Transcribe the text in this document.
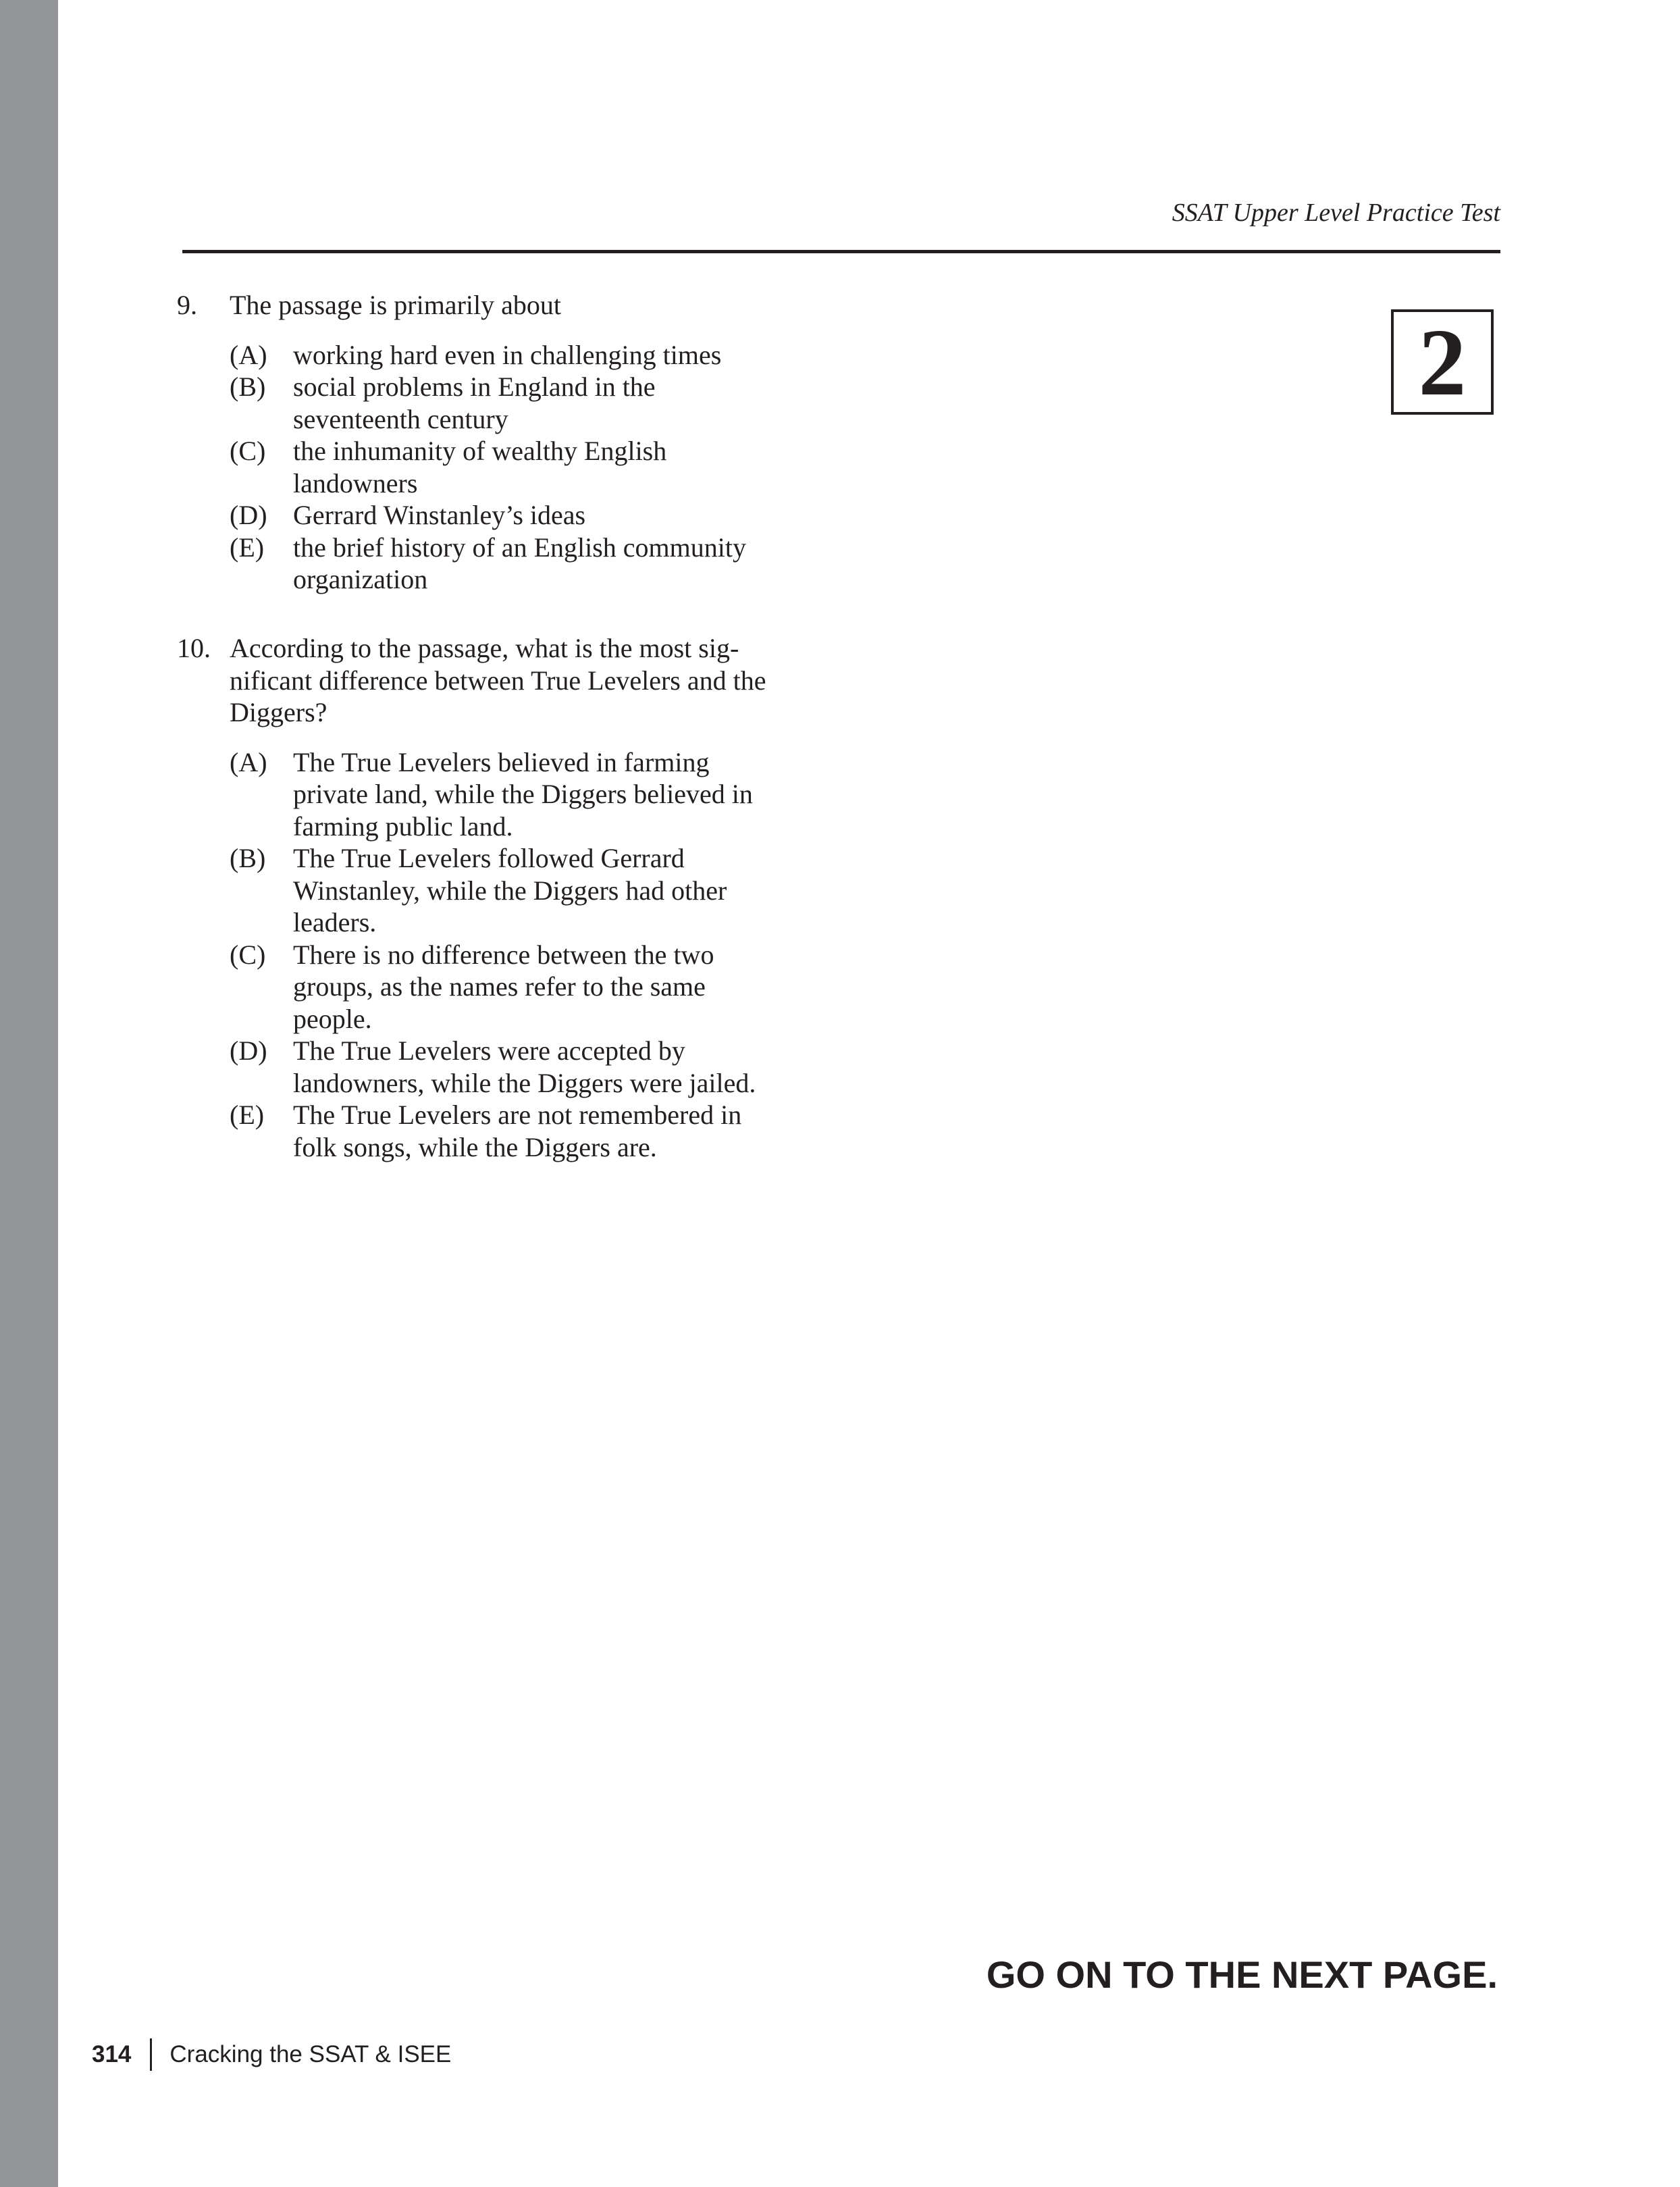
SSAT Upper Level Practice Test
2
9.	The passage is primarily about
(A) working hard even in challenging times
(B)	social problems in England in the seventeenth century
(C)	the inhumanity of wealthy English landowners
(D) Gerrard Winstanley’s ideas
(E)	the brief history of an English community organization
10. According to the passage, what is the most significant difference between True Levelers and the Diggers?
(A) The True Levelers believed in farming private land, while the Diggers believed in farming public land.
(B)	The True Levelers followed Gerrard Winstanley, while the Diggers had other leaders.
(C)	There is no difference between the two groups, as the names refer to the same people.
(D) The True Levelers were accepted by landowners, while the Diggers were jailed.
(E)	The True Levelers are not remembered in folk songs, while the Diggers are.
GO ON TO THE NEXT PAGE.
314 Cracking the SSAT & ISEE
